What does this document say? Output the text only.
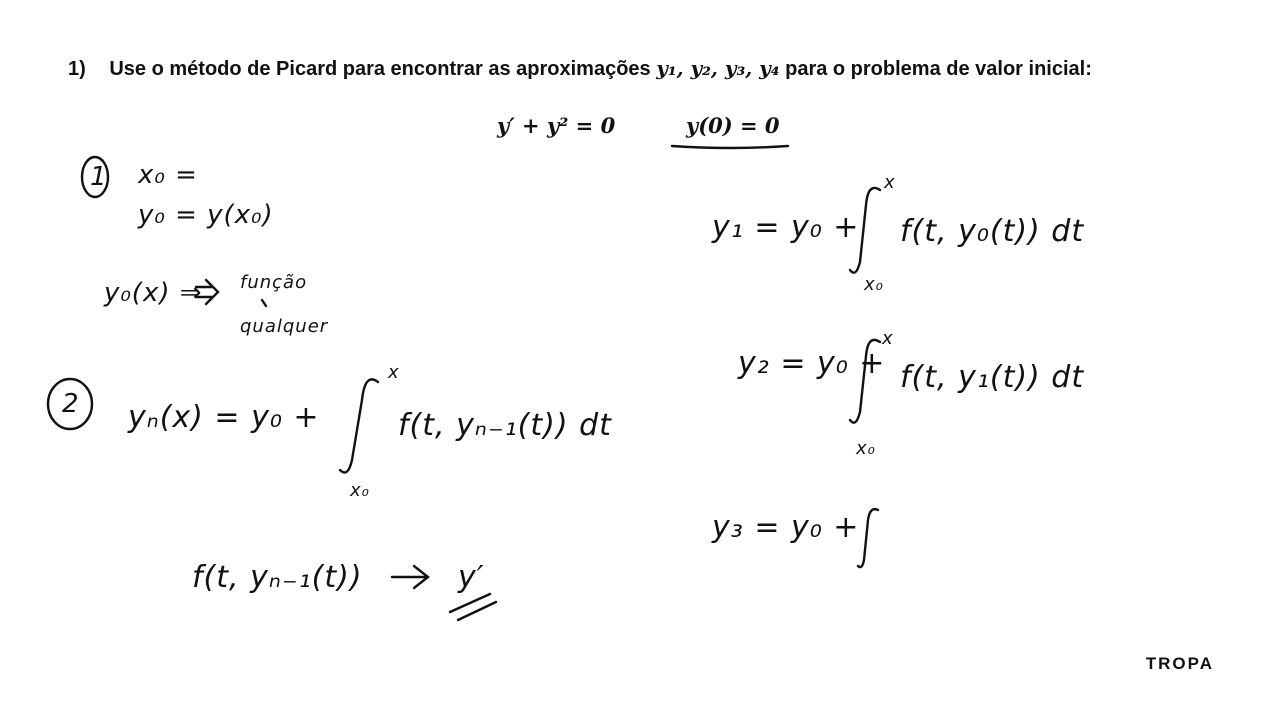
1) Use o método de Picard para encontrar as aproximações y₁, y₂, y₃, y₄ para o problema de valor inicial:
y′ + y² = 0	y(0) = 0
1 x₀ =
y₀ = y(x₀)
y₀(x) ⇒ função
qualquer
2 yₙ(x) = y₀ +
x
x₀
f(t, yₙ₋₁(t)) dt
f(t, yₙ₋₁(t))	y′
y₁ = y₀ +
x
x₀
f(t, y₀(t)) dt
y₂ = y₀ +
x
x₀
f(t, y₁(t)) dt
y₃ = y₀ +
TROPA
